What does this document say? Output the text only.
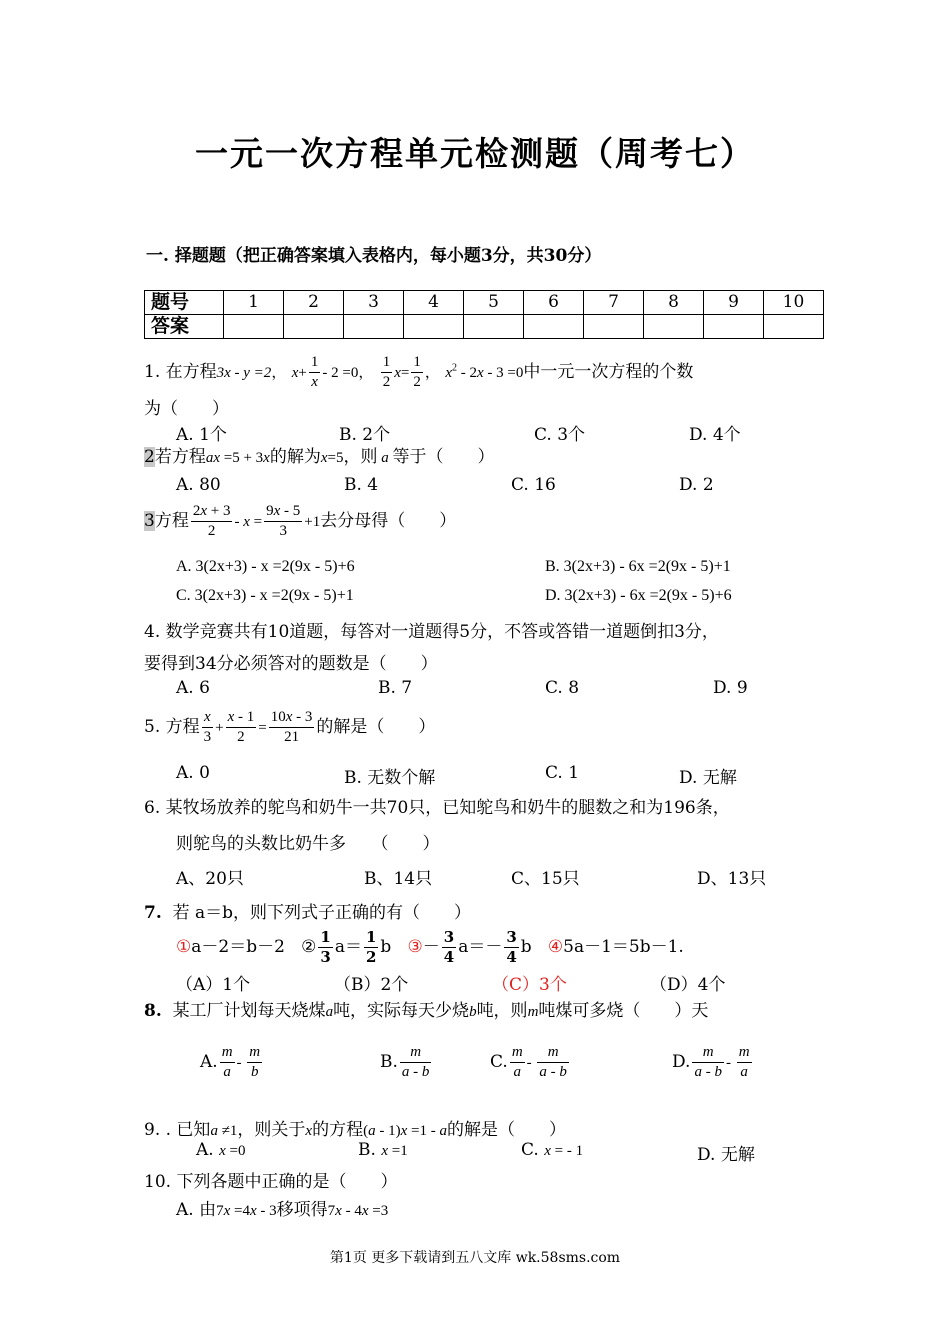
一元一次方程单元检测题（周考七）
一. 择题题（把正确答案填入表格内，每小题3分，共30分）
题号	1	2	3	4	5	6	7	8	9	10
答案										
1. 在方程3x - y =2， $x+ \frac{1}{x} - 2 =0$， $\frac{1}{2} x= \frac{1}{2}$ ， $x^2 - 2x - 3 =0$中一元一次方程的个数
为（　　）
A. 1个	B. 2个	C. 3个	D. 4个
2若方程ax =5 + 3x的解为x=5，则 a 等于（　　）
A. 80	B. 4	C. 16	D. 2
3方程 $\frac{2x + 3}{2} - x = \frac{9x - 5}{3} +1$去分母得（　　）
A. 3(2x+3) - x =2(9x - 5)+6	B. 3(2x+3) - 6x =2(9x - 5)+1
C. 3(2x+3) - x =2(9x - 5)+1	D. 3(2x+3) - 6x =2(9x - 5)+6
4. 数学竞赛共有10道题，每答对一道题得5分，不答或答错一道题倒扣3分，
要得到34分必须答对的题数是（　　）
A. 6	B. 7	C. 8	D. 9
5. 方程 $\frac{x}{3} + \frac{x - 1}{2} = \frac{10x - 3}{21}$ 的解是（　　）
A. 0	B. 无数个解	C. 1	D. 无解
6. 某牧场放养的鸵鸟和奶牛一共70只，已知鸵鸟和奶牛的腿数之和为196条，
则鸵鸟的头数比奶牛多　　（　　）
A、20只	B、14只	C、15只	D、13只
7. 若 a＝b，则下列式子正确的有（　　）
①a－2＝b－2 ② $\frac{1}{3} a= \frac{1}{2}$ b ③－ $\frac{3}{4} a=- \frac{3}{4}$ b ④5a－1＝5b－1.
（A）1个	（B）2个	（C）3个	（D）4个
8. 某工厂计划每天烧煤a吨，实际每天少烧b吨，则m吨煤可多烧（　　）天
A. $\frac{m}{a} - \frac{m}{b}$	B. $\frac{m}{a - b}$	C. $\frac{m}{a} - \frac{m}{a - b}$	D. $\frac{m}{a - b} - \frac{m}{a}$
9. . 已知a ≠1，则关于x的方程(a - 1)x =1 - a的解是（　　）
A. x =0	B. x =1	C. x = - 1	D. 无解
10. 下列各题中正确的是（　　）
A. 由7x =4x - 3移项得7x - 4x =3
第1页 更多下载请到五八文库 wk.58sms.com
